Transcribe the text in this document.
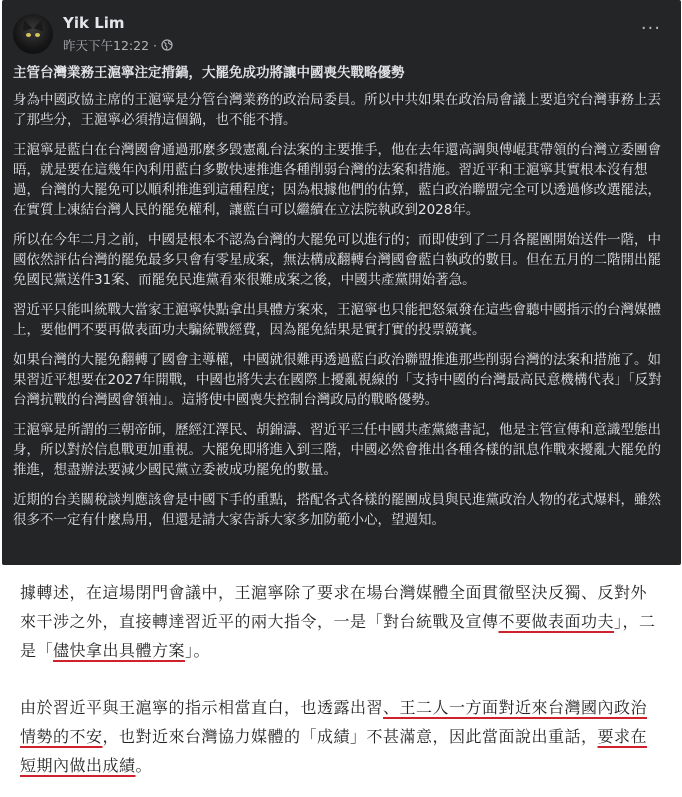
Yik Lim
昨天下午12:22 ·
···

主管台灣業務王滬寧注定揹鍋，大罷免成功將讓中國喪失戰略優勢

身為中國政協主席的王滬寧是分管台灣業務的政治局委員。所以中共如果在政治局會議上要追究台灣事務上丟了那些分，王滬寧必須揹這個鍋，也不能不揹。

王滬寧是藍白在台灣國會通過那麼多毀憲亂台法案的主要推手，他在去年還高調與傅崐萁帶領的台灣立委團會晤，就是要在這幾年內利用藍白多數快速推進各種削弱台灣的法案和措施。習近平和王滬寧其實根本沒有想過，台灣的大罷免可以順利推進到這種程度；因為根據他們的估算，藍白政治聯盟完全可以透過修改選罷法，在實質上凍結台灣人民的罷免權利，讓藍白可以繼續在立法院執政到2028年。

所以在今年二月之前，中國是根本不認為台灣的大罷免可以進行的；而即使到了二月各罷團開始送件一階，中國依然評估台灣的罷免最多只會有零星成案，無法構成翻轉台灣國會藍白執政的數目。但在五月的二階開出罷免國民黨送件31案、而罷免民進黨看來很難成案之後，中國共產黨開始著急。

習近平只能叫統戰大當家王滬寧快點拿出具體方案來，王滬寧也只能把怒氣發在這些會聽中國指示的台灣媒體上，要他們不要再做表面功夫騙統戰經費，因為罷免結果是實打實的投票競賽。

如果台灣的大罷免翻轉了國會主導權，中國就很難再透過藍白政治聯盟推進那些削弱台灣的法案和措施了。如果習近平想要在2027年開戰，中國也將失去在國際上擾亂視線的「支持中國的台灣最高民意機構代表」「反對台灣抗戰的台灣國會領袖」。這將使中國喪失控制台灣政局的戰略優勢。

王滬寧是所謂的三朝帝師，歷經江澤民、胡錦濤、習近平三任中國共產黨總書記，他是主管宣傳和意識型態出身，所以對於信息戰更加重視。大罷免即將進入到三階，中國必然會推出各種各樣的訊息作戰來擾亂大罷免的推進，想盡辦法要減少國民黨立委被成功罷免的數量。

近期的台美關稅談判應該會是中國下手的重點，搭配各式各樣的罷團成員與民進黨政治人物的花式爆料，雖然很多不一定有什麼鳥用，但還是請大家告訴大家多加防範小心，望週知。

據轉述，在這場閉門會議中，王滬寧除了要求在場台灣媒體全面貫徹堅決反獨、反對外來干涉之外，直接轉達習近平的兩大指令，一是「對台統戰及宣傳不要做表面功夫」，二是「儘快拿出具體方案」。

由於習近平與王滬寧的指示相當直白，也透露出習、王二人一方面對近來台灣國內政治情勢的不安，也對近來台灣協力媒體的「成績」不甚滿意，因此當面說出重話，要求在短期內做出成績。
